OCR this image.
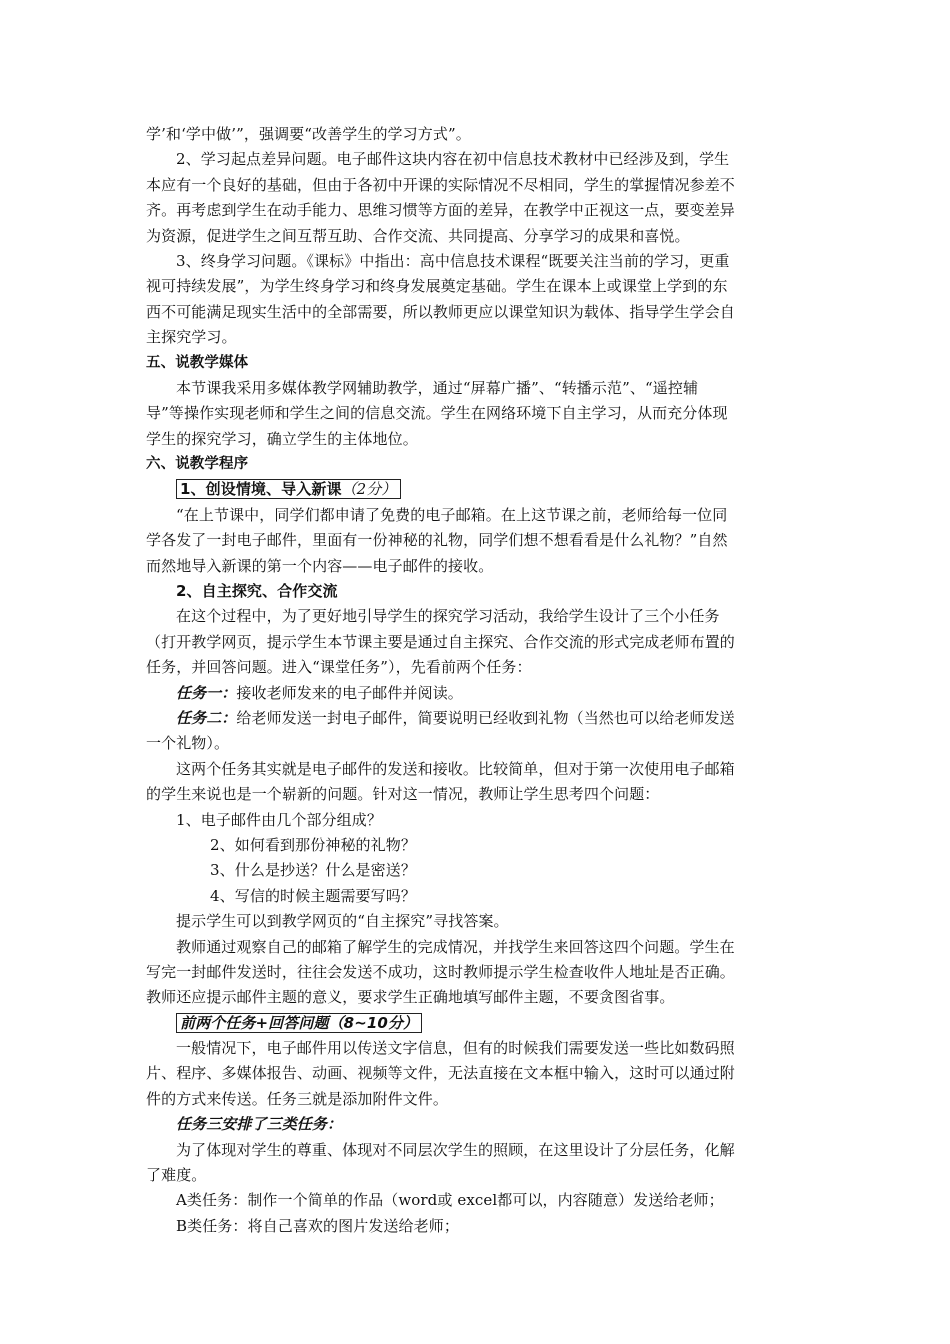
学’和‘学中做’”，强调要“改善学生的学习方式”。
2、学习起点差异问题。电子邮件这块内容在初中信息技术教材中已经涉及到，学生
本应有一个良好的基础，但由于各初中开课的实际情况不尽相同，学生的掌握情况参差不
齐。再考虑到学生在动手能力、思维习惯等方面的差异，在教学中正视这一点，要变差异
为资源，促进学生之间互帮互助、合作交流、共同提高、分享学习的成果和喜悦。
3、终身学习问题。《课标》中指出：高中信息技术课程“既要关注当前的学习，更重
视可持续发展”，为学生终身学习和终身发展奠定基础。学生在课本上或课堂上学到的东
西不可能满足现实生活中的全部需要，所以教师更应以课堂知识为载体、指导学生学会自
主探究学习。
五、说教学媒体
本节课我采用多媒体教学网辅助教学，通过“屏幕广播”、“转播示范”、“遥控辅
导”等操作实现老师和学生之间的信息交流。学生在网络环境下自主学习，从而充分体现
学生的探究学习，确立学生的主体地位。
六、说教学程序
1、创设情境、导入新课（2分）
“在上节课中，同学们都申请了免费的电子邮箱。在上这节课之前，老师给每一位同
学各发了一封电子邮件，里面有一份神秘的礼物，同学们想不想看看是什么礼物？”自然
而然地导入新课的第一个内容——电子邮件的接收。
2、自主探究、合作交流
在这个过程中，为了更好地引导学生的探究学习活动，我给学生设计了三个小任务
（打开教学网页，提示学生本节课主要是通过自主探究、合作交流的形式完成老师布置的
任务，并回答问题。进入“课堂任务”），先看前两个任务：
任务一：接收老师发来的电子邮件并阅读。
任务二：给老师发送一封电子邮件，简要说明已经收到礼物（当然也可以给老师发送
一个礼物）。
这两个任务其实就是电子邮件的发送和接收。比较简单，但对于第一次使用电子邮箱
的学生来说也是一个崭新的问题。针对这一情况，教师让学生思考四个问题：
1、电子邮件由几个部分组成？
2、如何看到那份神秘的礼物？
3、什么是抄送？什么是密送？
4、写信的时候主题需要写吗？
提示学生可以到教学网页的“自主探究”寻找答案。
教师通过观察自己的邮箱了解学生的完成情况，并找学生来回答这四个问题。学生在
写完一封邮件发送时，往往会发送不成功，这时教师提示学生检查收件人地址是否正确。
教师还应提示邮件主题的意义，要求学生正确地填写邮件主题，不要贪图省事。
前两个任务+回答问题（8~10分）
一般情况下，电子邮件用以传送文字信息，但有的时候我们需要发送一些比如数码照
片、程序、多媒体报告、动画、视频等文件，无法直接在文本框中输入，这时可以通过附
件的方式来传送。任务三就是添加附件文件。
任务三安排了三类任务：
为了体现对学生的尊重、体现对不同层次学生的照顾，在这里设计了分层任务，化解
了难度。
A类任务：制作一个简单的作品（word或 excel都可以，内容随意）发送给老师；
B类任务：将自己喜欢的图片发送给老师；
